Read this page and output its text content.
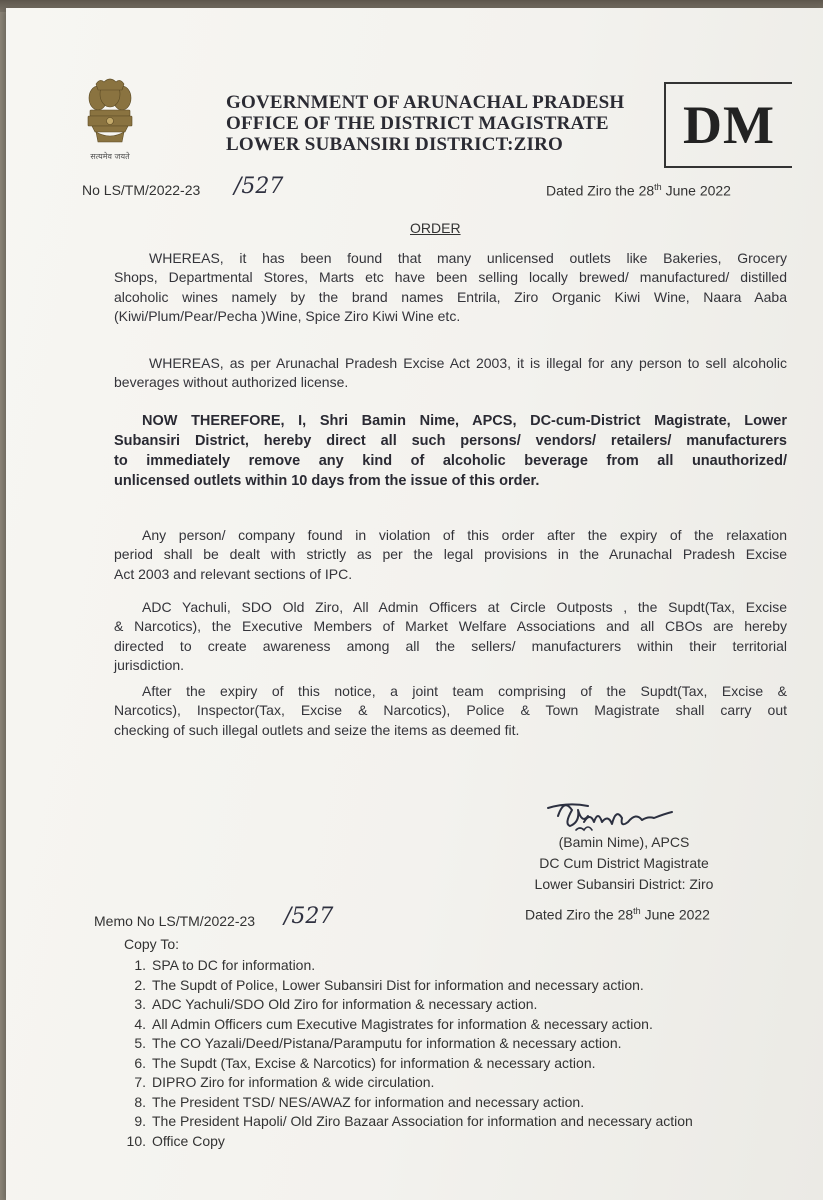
सत्यमेव जयते
GOVERNMENT OF ARUNACHAL PRADESH
OFFICE OF THE DISTRICT MAGISTRATE
LOWER SUBANSIRI DISTRICT:ZIRO	DM
No LS/TM/2022-23 /527	Dated Ziro the 28th June 2022
ORDER
WHEREAS, it has been found that many unlicensed outlets like Bakeries, Grocery
Shops, Departmental Stores, Marts etc have been selling locally brewed/ manufactured/ distilled
alcoholic wines namely by the brand names Entrila, Ziro Organic Kiwi Wine, Naara Aaba
(Kiwi/Plum/Pear/Pecha )Wine, Spice Ziro Kiwi Wine etc.
WHEREAS, as per Arunachal Pradesh Excise Act 2003, it is illegal for any person to sell alcoholic
beverages without authorized license.
NOW THEREFORE, I, Shri Bamin Nime, APCS, DC-cum-District Magistrate, Lower
Subansiri District, hereby direct all such persons/ vendors/ retailers/ manufacturers
to immediately remove any kind of alcoholic beverage from all unauthorized/
unlicensed outlets within 10 days from the issue of this order.
Any person/ company found in violation of this order after the expiry of the relaxation
period shall be dealt with strictly as per the legal provisions in the Arunachal Pradesh Excise
Act 2003 and relevant sections of IPC.
ADC Yachuli, SDO Old Ziro, All Admin Officers at Circle Outposts , the Supdt(Tax, Excise
& Narcotics), the Executive Members of Market Welfare Associations and all CBOs are hereby
directed to create awareness among all the sellers/ manufacturers within their territorial
jurisdiction.
After the expiry of this notice, a joint team comprising of the Supdt(Tax, Excise &
Narcotics), Inspector(Tax, Excise & Narcotics), Police & Town Magistrate shall carry out
checking of such illegal outlets and seize the items as deemed fit.
(Bamin Nime), APCS
DC Cum District Magistrate
Lower Subansiri District: Ziro
Memo No LS/TM/2022-23 /527	Dated Ziro the 28th June 2022
Copy To:
1. SPA to DC for information.
2. The Supdt of Police, Lower Subansiri Dist for information and necessary action.
3. ADC Yachuli/SDO Old Ziro for information & necessary action.
4. All Admin Officers cum Executive Magistrates for information & necessary action.
5. The CO Yazali/Deed/Pistana/Paramputu for information & necessary action.
6. The Supdt (Tax, Excise & Narcotics) for information & necessary action.
7. DIPRO Ziro for information & wide circulation.
8. The President TSD/ NES/AWAZ for information and necessary action.
9. The President Hapoli/ Old Ziro Bazaar Association for information and necessary action
10. Office Copy
